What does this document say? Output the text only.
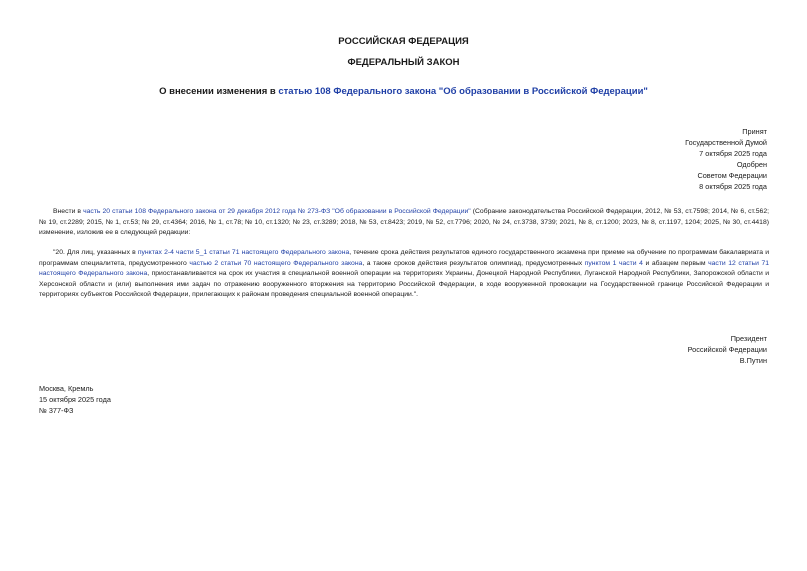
РОССИЙСКАЯ ФЕДЕРАЦИЯ
ФЕДЕРАЛЬНЫЙ ЗАКОН
О внесении изменения в статью 108 Федерального закона "Об образовании в Российской Федерации"
Принят
Государственной Думой
7 октября 2025 года
Одобрен
Советом Федерации
8 октября 2025 года
Внести в часть 20 статьи 108 Федерального закона от 29 декабря 2012 года № 273-ФЗ "Об образовании в Российской Федерации" (Собрание законодательства Российской Федерации, 2012, № 53, ст.7598; 2014, № 6, ст.562; № 19, ст.2289; 2015, № 1, ст.53; № 29, ст.4364; 2016, № 1, ст.78; № 10, ст.1320; № 23, ст.3289; 2018, № 53, ст.8423; 2019, № 52, ст.7796; 2020, № 24, ст.3738, 3739; 2021, № 8, ст.1200; 2023, № 8, ст.1197, 1204; 2025, № 30, ст.4418) изменение, изложив ее в следующей редакции:
"20. Для лиц, указанных в пунктах 2-4 части 5_1 статьи 71 настоящего Федерального закона, течение срока действия результатов единого государственного экзамена при приеме на обучение по программам бакалавриата и программам специалитета, предусмотренного частью 2 статьи 70 настоящего Федерального закона, а также сроков действия результатов олимпиад, предусмотренных пунктом 1 части 4 и абзацем первым части 12 статьи 71 настоящего Федерального закона, приостанавливается на срок их участия в специальной военной операции на территориях Украины, Донецкой Народной Республики, Луганской Народной Республики, Запорожской области и Херсонской области и (или) выполнения ими задач по отражению вооруженного вторжения на территорию Российской Федерации, в ходе вооруженной провокации на Государственной границе Российской Федерации и территориях субъектов Российской Федерации, прилегающих к районам проведения специальной военной операции.".
Президент
Российской Федерации
В.Путин
Москва, Кремль
15 октября 2025 года
№ 377-ФЗ
